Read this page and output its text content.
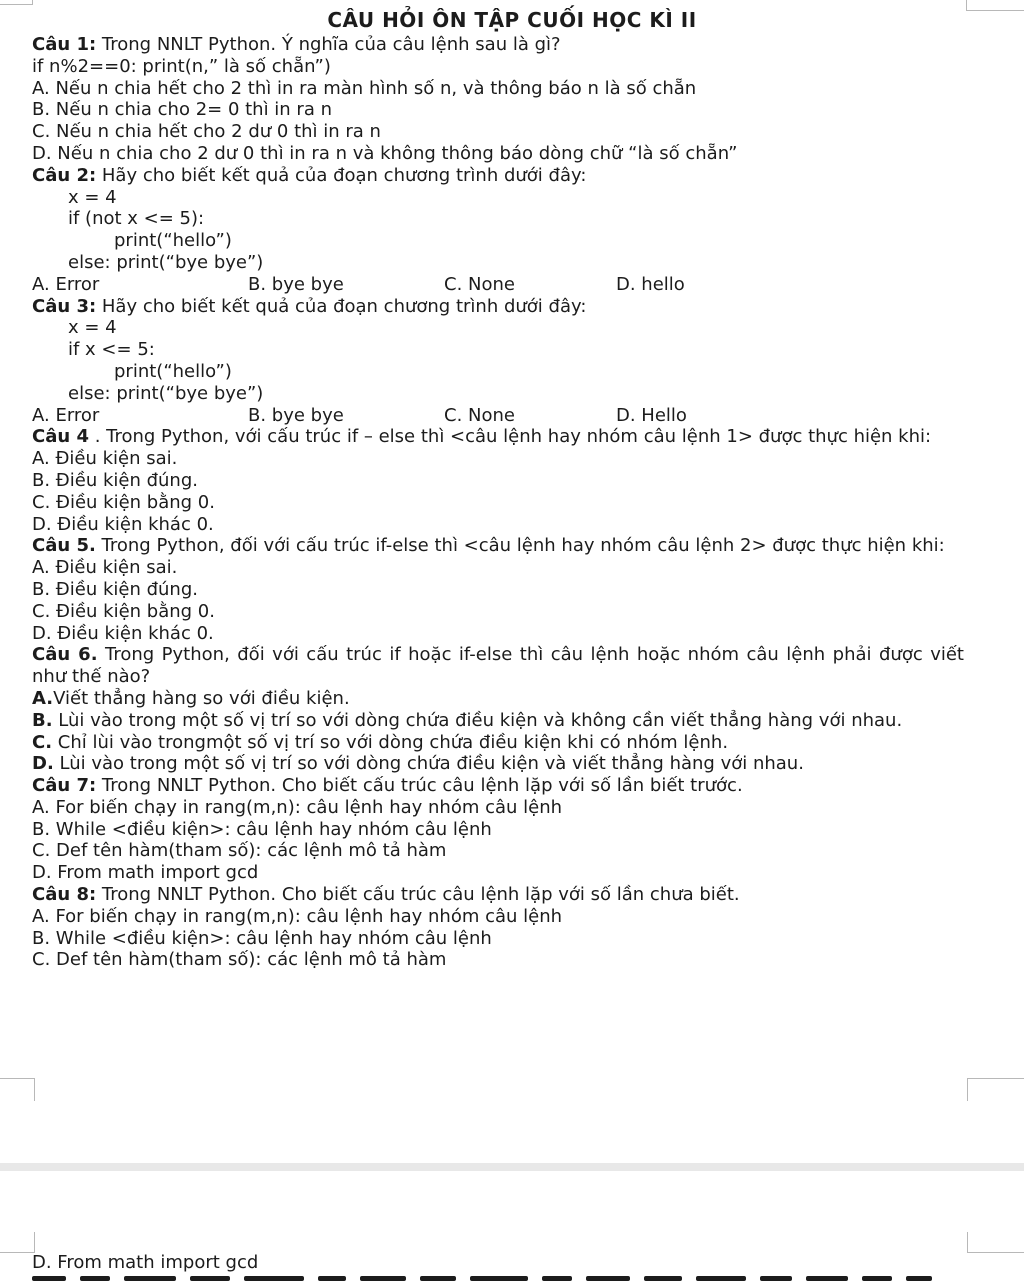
CÂU HỎI ÔN TẬP CUỐI HỌC KÌ II
Câu 1: Trong NNLT Python. Ý nghĩa của câu lệnh sau là gì?
if n%2==0: print(n,” là số chẵn”)
A. Nếu n chia hết cho 2 thì in ra màn hình số n, và thông báo n là số chẵn
B. Nếu n chia cho 2= 0 thì in ra n
C. Nếu n chia hết cho 2 dư 0 thì in ra n
D. Nếu n chia cho 2 dư 0 thì in ra n và không thông báo dòng chữ “là số chẵn”
Câu 2: Hãy cho biết kết quả của đoạn chương trình dưới đây:
x = 4
if (not x <= 5):
print(“hello”)
else: print(“bye bye”)
A. Error	B. bye bye	C. None	D. hello
Câu 3: Hãy cho biết kết quả của đoạn chương trình dưới đây:
x = 4
if x <= 5:
print(“hello”)
else: print(“bye bye”)
A. Error	B. bye bye	C. None	D. Hello
Câu 4 . Trong Python, với cấu trúc if – else thì <câu lệnh hay nhóm câu lệnh 1> được thực hiện khi:
A. Điều kiện sai.
B. Điều kiện đúng.
C. Điều kiện bằng 0.
D. Điều kiện khác 0.
Câu 5. Trong Python, đối với cấu trúc if-else thì <câu lệnh hay nhóm câu lệnh 2> được thực hiện khi:
A. Điều kiện sai.
B. Điều kiện đúng.
C. Điều kiện bằng 0.
D. Điều kiện khác 0.
Câu 6. Trong Python, đối với cấu trúc if hoặc if-else thì câu lệnh hoặc nhóm câu lệnh phải được viết như thế nào?
A.Viết thẳng hàng so với điều kiện.
B. Lùi vào trong một số vị trí so với dòng chứa điều kiện và không cần viết thẳng hàng với nhau.
C. Chỉ lùi vào trongmột số vị trí so với dòng chứa điều kiện khi có nhóm lệnh.
D. Lùi vào trong một số vị trí so với dòng chứa điều kiện và viết thẳng hàng với nhau.
Câu 7: Trong NNLT Python. Cho biết cấu trúc câu lệnh lặp với số lần biết trước.
A. For biến chạy in rang(m,n): câu lệnh hay nhóm câu lệnh
B. While <điều kiện>: câu lệnh hay nhóm câu lệnh
C. Def tên hàm(tham số): các lệnh mô tả hàm
D. From math import gcd
Câu 8: Trong NNLT Python. Cho biết cấu trúc câu lệnh lặp với số lần chưa biết.
A. For biến chạy in rang(m,n): câu lệnh hay nhóm câu lệnh
B. While <điều kiện>: câu lệnh hay nhóm câu lệnh
C. Def tên hàm(tham số): các lệnh mô tả hàm
D. From math import gcd
